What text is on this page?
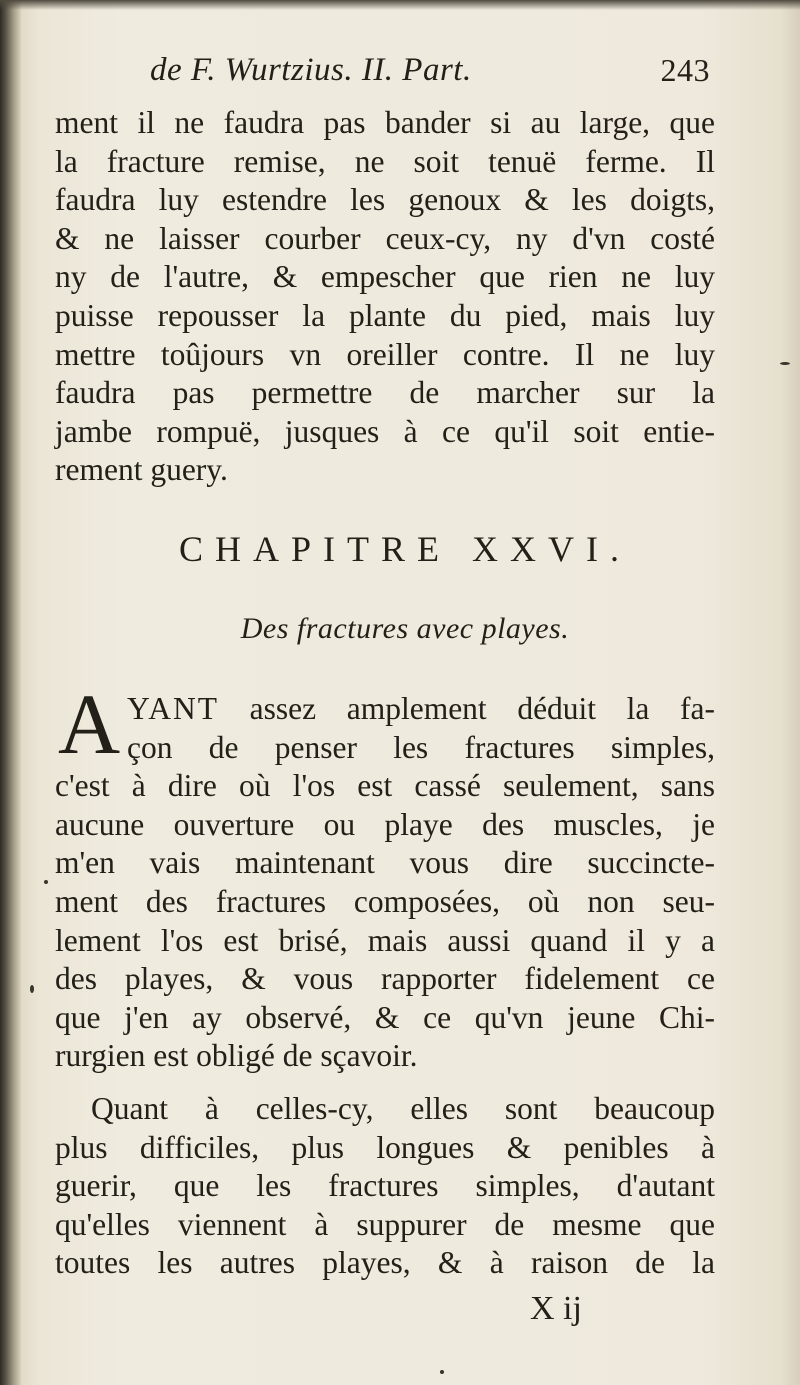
de F. Wurtzius. II. Part.	243
ment il ne faudra pas bander si au large, que
la fracture remise, ne soit tenuë ferme. Il
faudra luy estendre les genoux & les doigts,
& ne laisser courber ceux-cy, ny d'vn costé
ny de l'autre, & empescher que rien ne luy
puisse repousser la plante du pied, mais luy
mettre toûjours vn oreiller contre. Il ne luy
faudra pas permettre de marcher sur la
jambe rompuë, jusques à ce qu'il soit entie-
rement guery.
CHAPITRE XXVI.
Des fractures avec playes.
A YANT assez amplement déduit la fa-
çon de penser les fractures simples,
c'est à dire où l'os est cassé seulement, sans
aucune ouverture ou playe des muscles, je
m'en vais maintenant vous dire succincte-
ment des fractures composées, où non seu-
lement l'os est brisé, mais aussi quand il y a
des playes, & vous rapporter fidelement ce
que j'en ay observé, & ce qu'vn jeune Chi-
rurgien est obligé de sçavoir.
Quant à celles-cy, elles sont beaucoup
plus difficiles, plus longues & penibles à
guerir, que les fractures simples, d'autant
qu'elles viennent à suppurer de mesme que
toutes les autres playes, & à raison de la
X ij
